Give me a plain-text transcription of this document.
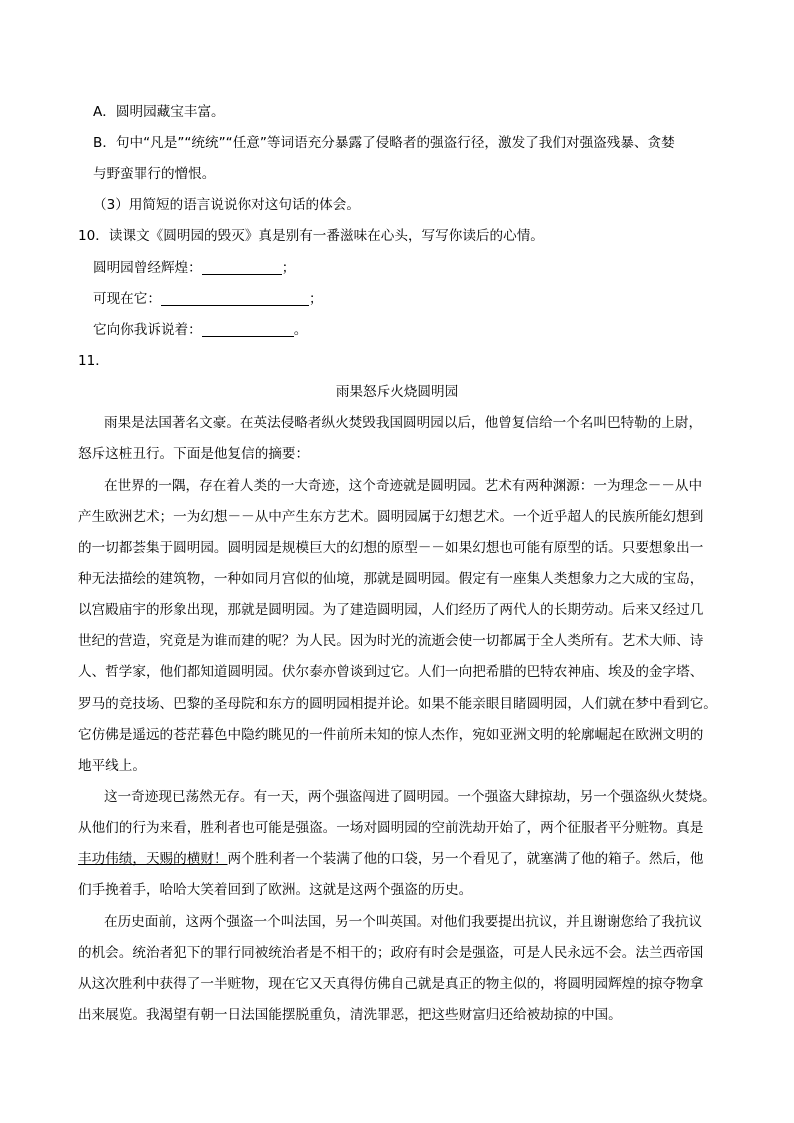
A．圆明园藏宝丰富。

B．句中“凡是”“统统”“任意”等词语充分暴露了侵略者的强盗行径，激发了我们对强盗残暴、贪婪

与野蛮罪行的憎恨。

（3）用简短的语言说说你对这句话的体会。

10．读课文《圆明园的毁灭》真是别有一番滋味在心头，写写你读后的心情。

圆明园曾经辉煌：	；

可现在它：	；

它向你我诉说着：	。

11．

雨果怒斥火烧圆明园

雨果是法国著名文豪。在英法侵略者纵火焚毁我国圆明园以后，他曾复信给一个名叫巴特勒的上尉，

怒斥这桩丑行。下面是他复信的摘要：

在世界的一隅，存在着人类的一大奇迹，这个奇迹就是圆明园。艺术有两种渊源：一为理念－－从中

产生欧洲艺术；一为幻想－－从中产生东方艺术。圆明园属于幻想艺术。一个近乎超人的民族所能幻想到

的一切都荟集于圆明园。圆明园是规模巨大的幻想的原型－－如果幻想也可能有原型的话。只要想象出一

种无法描绘的建筑物，一种如同月宫似的仙境，那就是圆明园。假定有一座集人类想象力之大成的宝岛，

以宫殿庙宇的形象出现，那就是圆明园。为了建造圆明园，人们经历了两代人的长期劳动。后来又经过几

世纪的营造，究竟是为谁而建的呢？为人民。因为时光的流逝会使一切都属于全人类所有。艺术大师、诗

人、哲学家，他们都知道圆明园。伏尔泰亦曾谈到过它。人们一向把希腊的巴特农神庙、埃及的金字塔、

罗马的竞技场、巴黎的圣母院和东方的圆明园相提并论。如果不能亲眼目睹圆明园，人们就在梦中看到它。

它仿佛是遥远的苍茫暮色中隐约眺见的一件前所未知的惊人杰作，宛如亚洲文明的轮廓崛起在欧洲文明的

地平线上。

这一奇迹现已荡然无存。有一天，两个强盗闯进了圆明园。一个强盗大肆掠劫，另一个强盗纵火焚烧。

从他们的行为来看，胜利者也可能是强盗。一场对圆明园的空前洗劫开始了，两个征服者平分赃物。真是

丰功伟绩，天赐的横财！两个胜利者一个装满了他的口袋，另一个看见了，就塞满了他的箱子。然后，他

们手挽着手，哈哈大笑着回到了欧洲。这就是这两个强盗的历史。

在历史面前，这两个强盗一个叫法国，另一个叫英国。对他们我要提出抗议，并且谢谢您给了我抗议

的机会。统治者犯下的罪行同被统治者是不相干的；政府有时会是强盗，可是人民永远不会。法兰西帝国

从这次胜利中获得了一半赃物，现在它又天真得仿佛自己就是真正的物主似的，将圆明园辉煌的掠夺物拿

出来展览。我渴望有朝一日法国能摆脱重负，清洗罪恶，把这些财富归还给被劫掠的中国。
